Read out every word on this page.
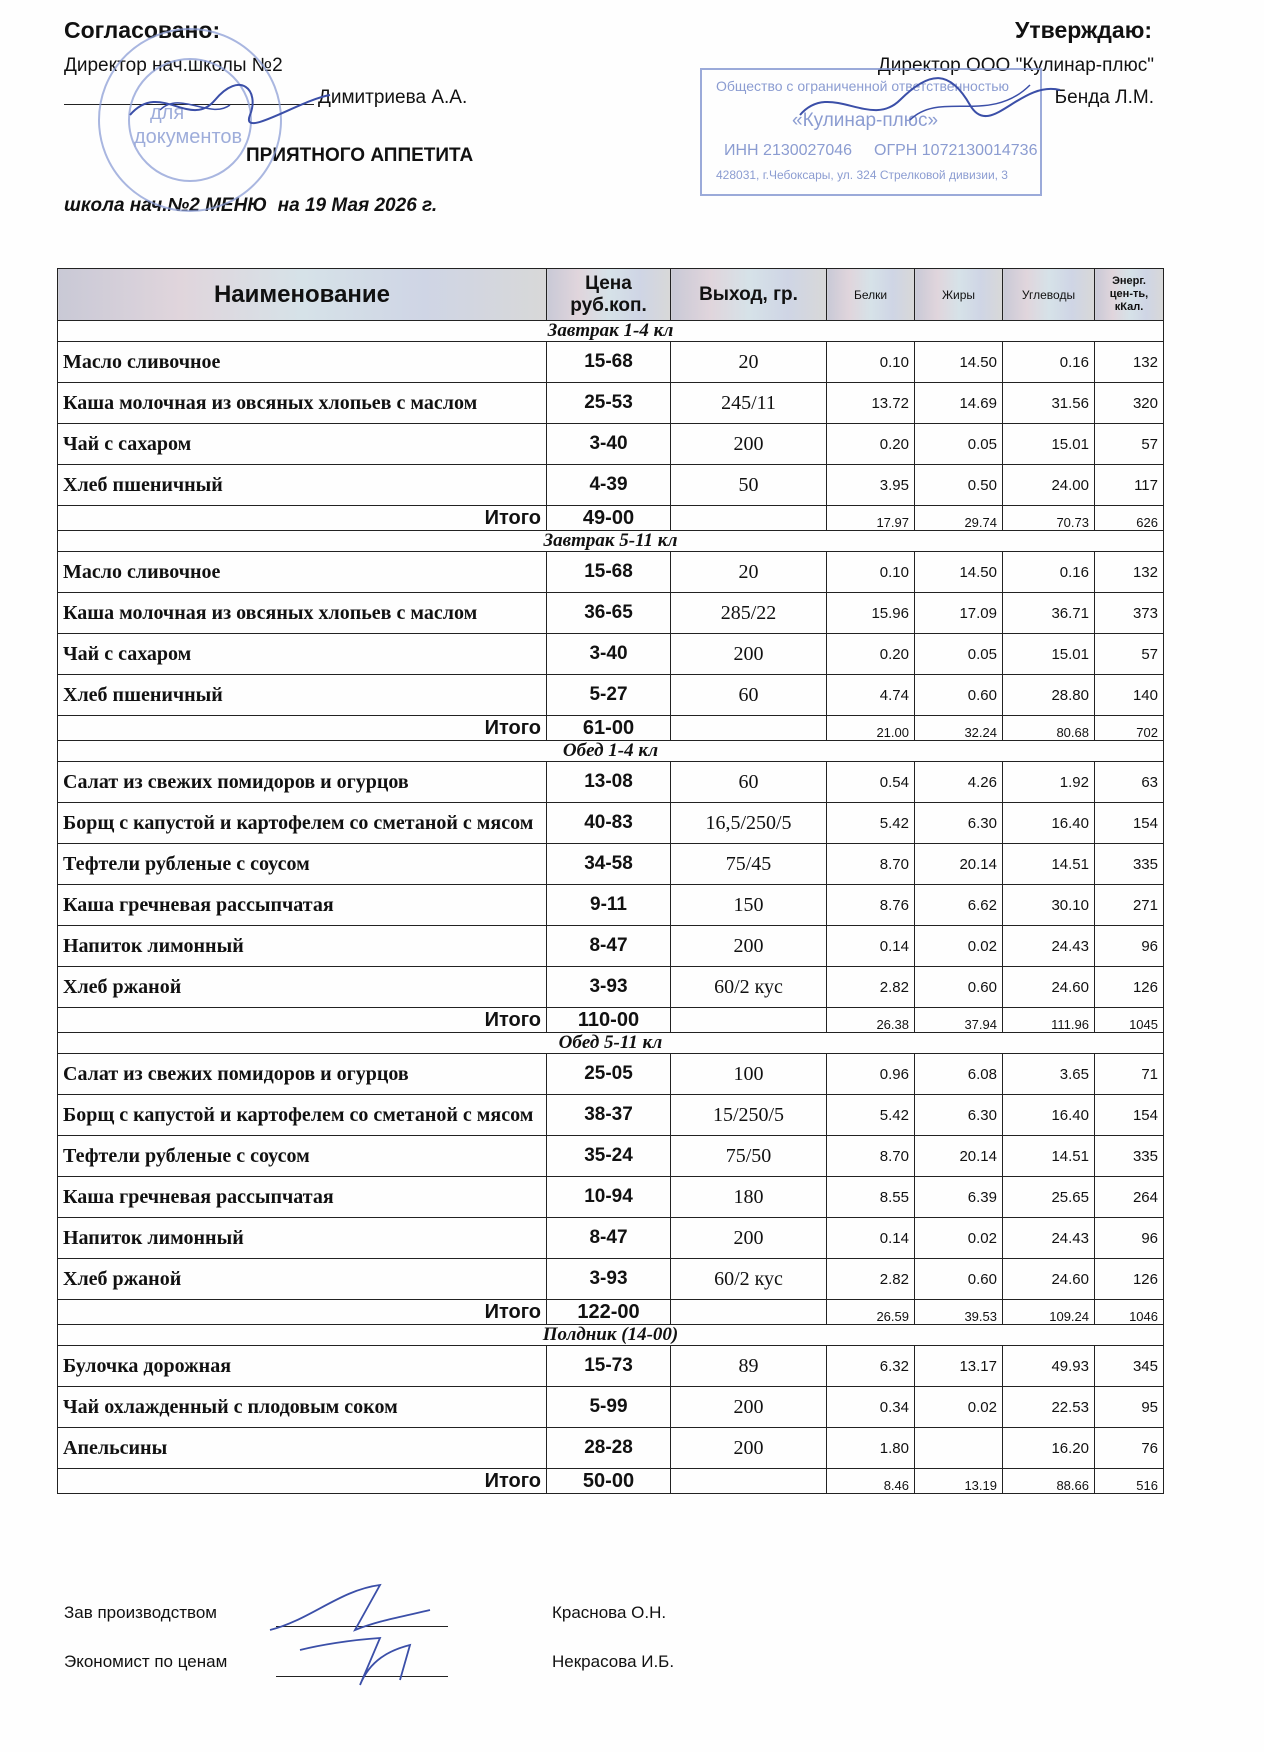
Согласовано:
Директор нач.школы №2
Димитриева А.А.
Утверждаю:
Директор ООО "Кулинар-плюс"
Бенда Л.М.
ПРИЯТНОГО АППЕТИТА
школа нач.№2 МЕНЮ  на 19 Мая 2026 г.
для
документов
Общество с ограниченной ответственностью
«Кулинар-плюс»
ИНН 2130027046 ОГРН 1072130014736
428031, г.Чебоксары, ул. 324 Стрелковой дивизии, 3
Наименование	Цена руб.коп.	Выход, гр.	Белки	Жиры	Углеводы	Энерг. цен-ть, кКал.
Завтрак 1-4 кл						
Масло сливочное	15-68	20	0.10	14.50	0.16	132
Каша молочная из овсяных хлопьев с маслом	25-53	245/11	13.72	14.69	31.56	320
Чай с сахаром	3-40	200	0.20	0.05	15.01	57
Хлеб пшеничный	4-39	50	3.95	0.50	24.00	117
Итого	49-00		17.97	29.74	70.73	626
Завтрак 5-11 кл						
Масло сливочное	15-68	20	0.10	14.50	0.16	132
Каша молочная из овсяных хлопьев с маслом	36-65	285/22	15.96	17.09	36.71	373
Чай с сахаром	3-40	200	0.20	0.05	15.01	57
Хлеб пшеничный	5-27	60	4.74	0.60	28.80	140
Итого	61-00		21.00	32.24	80.68	702
Обед 1-4 кл						
Салат из свежих помидоров и огурцов	13-08	60	0.54	4.26	1.92	63
Борщ с капустой и картофелем со сметаной с мясом	40-83	16,5/250/5	5.42	6.30	16.40	154
Тефтели рубленые с соусом	34-58	75/45	8.70	20.14	14.51	335
Каша гречневая рассыпчатая	9-11	150	8.76	6.62	30.10	271
Напиток лимонный	8-47	200	0.14	0.02	24.43	96
Хлеб ржаной	3-93	60/2 кус	2.82	0.60	24.60	126
Итого	110-00		26.38	37.94	111.96	1045
Обед 5-11 кл						
Салат из свежих помидоров и огурцов	25-05	100	0.96	6.08	3.65	71
Борщ с капустой и картофелем со сметаной с мясом	38-37	15/250/5	5.42	6.30	16.40	154
Тефтели рубленые с соусом	35-24	75/50	8.70	20.14	14.51	335
Каша гречневая рассыпчатая	10-94	180	8.55	6.39	25.65	264
Напиток лимонный	8-47	200	0.14	0.02	24.43	96
Хлеб ржаной	3-93	60/2 кус	2.82	0.60	24.60	126
Итого	122-00		26.59	39.53	109.24	1046
Полдник (14-00)						
Булочка дорожная	15-73	89	6.32	13.17	49.93	345
Чай охлажденный с плодовым соком	5-99	200	0.34	0.02	22.53	95
Апельсины	28-28	200	1.80		16.20	76
Итого	50-00		8.46	13.19	88.66	516
Зав производством	Краснова О.Н.
Экономист по ценам	Некрасова И.Б.
